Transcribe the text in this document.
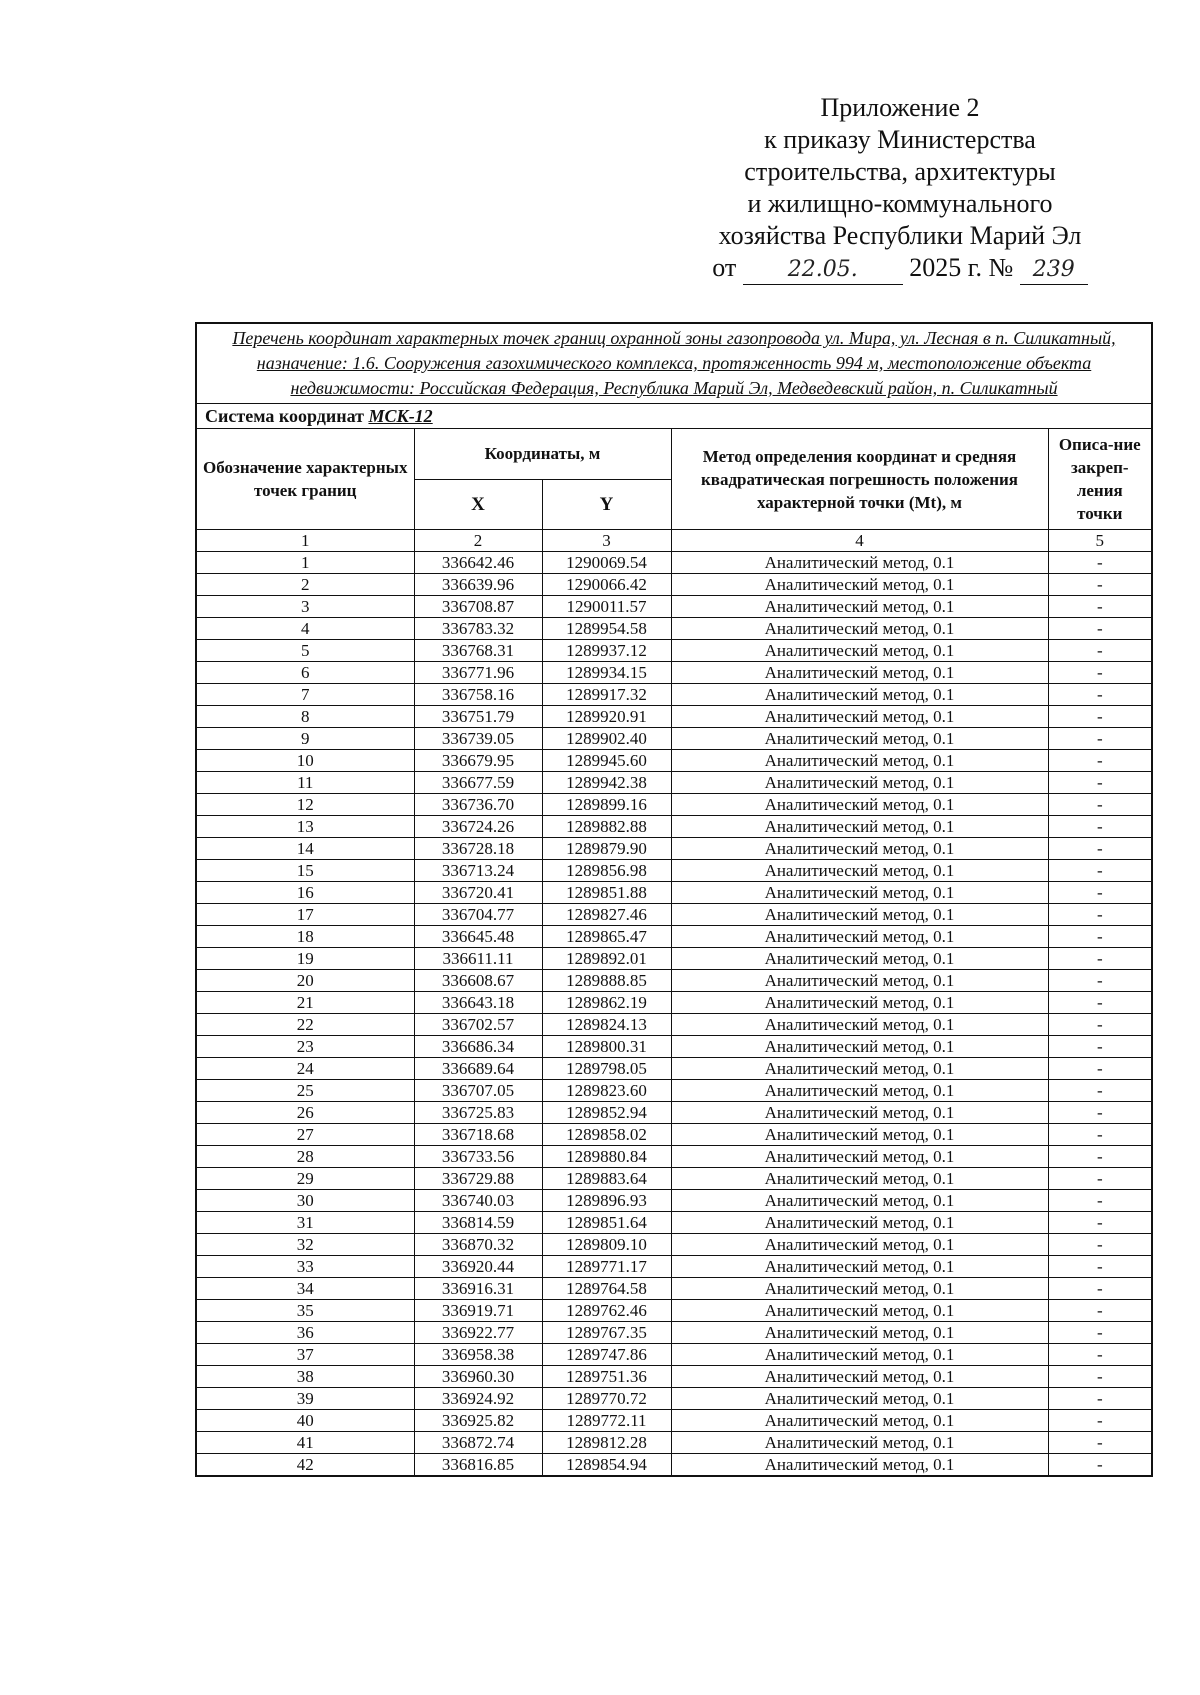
Приложение 2
к приказу Министерства
строительства, архитектуры
и жилищно-коммунального
хозяйства Республики Марий Эл
от 22.05. 2025 г. № 239
Перечень координат характерных точек границ охранной зоны газопровода ул. Мира, ул. Лесная в п. Силикатный, назначение: 1.6. Сооружения газохимического комплекса, протяженность 994 м, местоположение объекта недвижимости: Российская Федерация, Республика Марий Эл, Медведевский район, п. Силикатный				
Система координат МСК-12				
Обозначение характерных точек границ	Координаты, м		Метод определения координат и средняя квадратическая погрешность положения характерной точки (Mt), м	Описа-ние закреп-ления точки
	X	Y		
1	2	3	4	5
1	336642.46	1290069.54	Аналитический метод, 0.1	-
2	336639.96	1290066.42	Аналитический метод, 0.1	-
3	336708.87	1290011.57	Аналитический метод, 0.1	-
4	336783.32	1289954.58	Аналитический метод, 0.1	-
5	336768.31	1289937.12	Аналитический метод, 0.1	-
6	336771.96	1289934.15	Аналитический метод, 0.1	-
7	336758.16	1289917.32	Аналитический метод, 0.1	-
8	336751.79	1289920.91	Аналитический метод, 0.1	-
9	336739.05	1289902.40	Аналитический метод, 0.1	-
10	336679.95	1289945.60	Аналитический метод, 0.1	-
11	336677.59	1289942.38	Аналитический метод, 0.1	-
12	336736.70	1289899.16	Аналитический метод, 0.1	-
13	336724.26	1289882.88	Аналитический метод, 0.1	-
14	336728.18	1289879.90	Аналитический метод, 0.1	-
15	336713.24	1289856.98	Аналитический метод, 0.1	-
16	336720.41	1289851.88	Аналитический метод, 0.1	-
17	336704.77	1289827.46	Аналитический метод, 0.1	-
18	336645.48	1289865.47	Аналитический метод, 0.1	-
19	336611.11	1289892.01	Аналитический метод, 0.1	-
20	336608.67	1289888.85	Аналитический метод, 0.1	-
21	336643.18	1289862.19	Аналитический метод, 0.1	-
22	336702.57	1289824.13	Аналитический метод, 0.1	-
23	336686.34	1289800.31	Аналитический метод, 0.1	-
24	336689.64	1289798.05	Аналитический метод, 0.1	-
25	336707.05	1289823.60	Аналитический метод, 0.1	-
26	336725.83	1289852.94	Аналитический метод, 0.1	-
27	336718.68	1289858.02	Аналитический метод, 0.1	-
28	336733.56	1289880.84	Аналитический метод, 0.1	-
29	336729.88	1289883.64	Аналитический метод, 0.1	-
30	336740.03	1289896.93	Аналитический метод, 0.1	-
31	336814.59	1289851.64	Аналитический метод, 0.1	-
32	336870.32	1289809.10	Аналитический метод, 0.1	-
33	336920.44	1289771.17	Аналитический метод, 0.1	-
34	336916.31	1289764.58	Аналитический метод, 0.1	-
35	336919.71	1289762.46	Аналитический метод, 0.1	-
36	336922.77	1289767.35	Аналитический метод, 0.1	-
37	336958.38	1289747.86	Аналитический метод, 0.1	-
38	336960.30	1289751.36	Аналитический метод, 0.1	-
39	336924.92	1289770.72	Аналитический метод, 0.1	-
40	336925.82	1289772.11	Аналитический метод, 0.1	-
41	336872.74	1289812.28	Аналитический метод, 0.1	-
42	336816.85	1289854.94	Аналитический метод, 0.1	-
